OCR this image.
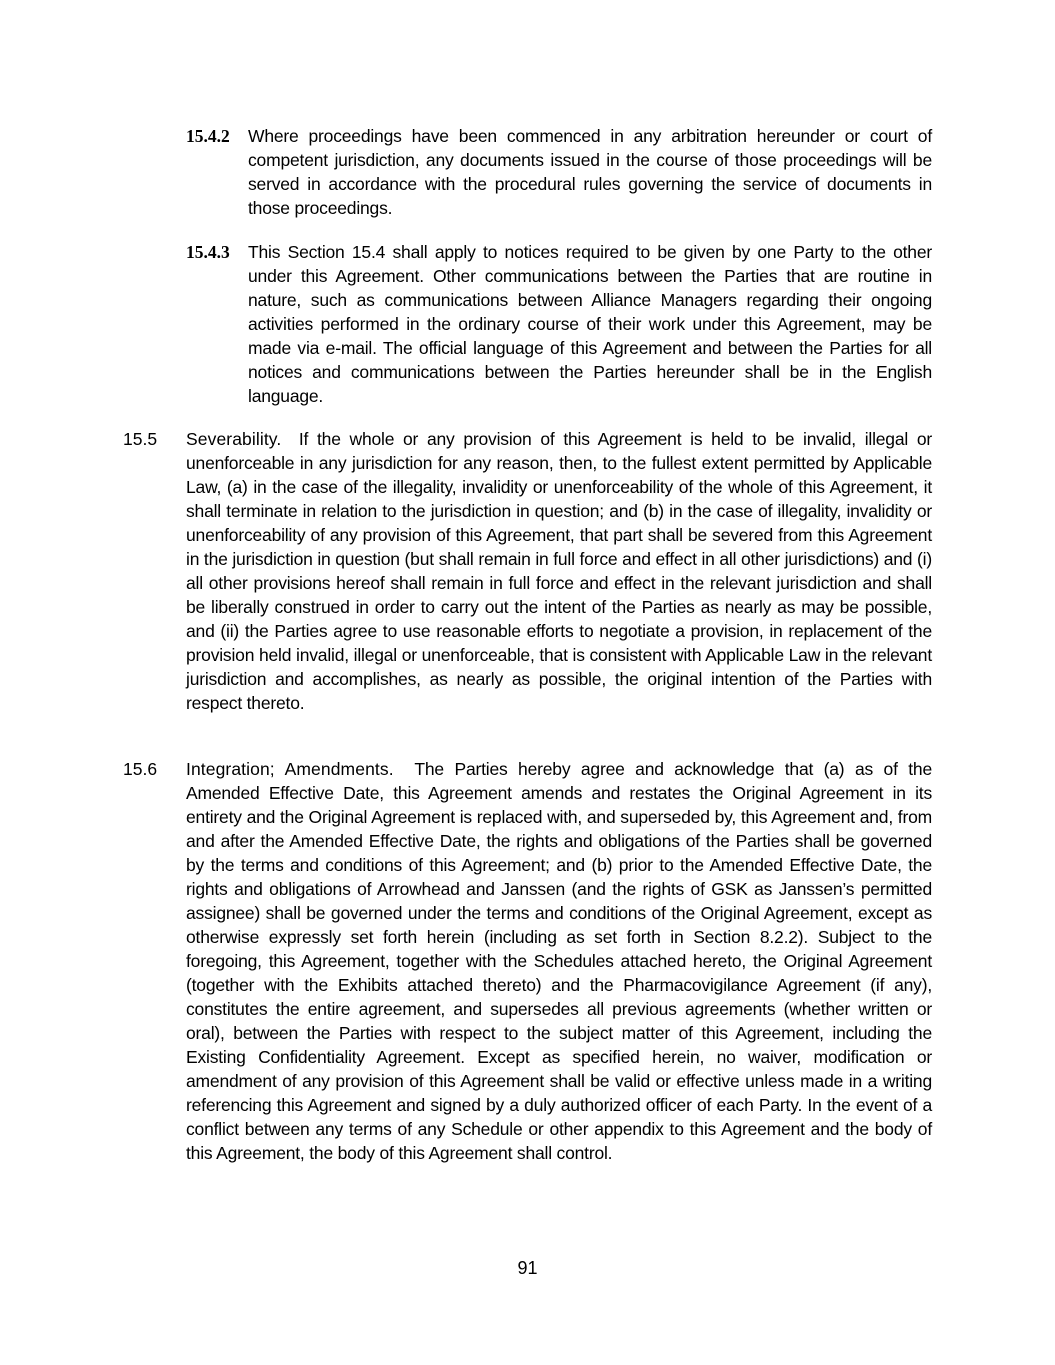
15.4.2	Where proceedings have been commenced in any arbitration hereunder or court of competent jurisdiction, any documents issued in the course of those proceedings will be served in accordance with the procedural rules governing the service of documents in those proceedings.
15.4.3	This Section 15.4 shall apply to notices required to be given by one Party to the other under this Agreement. Other communications between the Parties that are routine in nature, such as communications between Alliance Managers regarding their ongoing activities performed in the ordinary course of their work under this Agreement, may be made via e-mail. The official language of this Agreement and between the Parties for all notices and communications between the Parties hereunder shall be in the English language.
15.5	Severability. If the whole or any provision of this Agreement is held to be invalid, illegal or unenforceable in any jurisdiction for any reason, then, to the fullest extent permitted by Applicable Law, (a) in the case of the illegality, invalidity or unenforceability of the whole of this Agreement, it shall terminate in relation to the jurisdiction in question; and (b) in the case of illegality, invalidity or unenforceability of any provision of this Agreement, that part shall be severed from this Agreement in the jurisdiction in question (but shall remain in full force and effect in all other jurisdictions) and (i) all other provisions hereof shall remain in full force and effect in the relevant jurisdiction and shall be liberally construed in order to carry out the intent of the Parties as nearly as may be possible, and (ii) the Parties agree to use reasonable efforts to negotiate a provision, in replacement of the provision held invalid, illegal or unenforceable, that is consistent with Applicable Law in the relevant jurisdiction and accomplishes, as nearly as possible, the original intention of the Parties with respect thereto.
15.6	Integration; Amendments. The Parties hereby agree and acknowledge that (a) as of the Amended Effective Date, this Agreement amends and restates the Original Agreement in its entirety and the Original Agreement is replaced with, and superseded by, this Agreement and, from and after the Amended Effective Date, the rights and obligations of the Parties shall be governed by the terms and conditions of this Agreement; and (b) prior to the Amended Effective Date, the rights and obligations of Arrowhead and Janssen (and the rights of GSK as Janssen’s permitted assignee) shall be governed under the terms and conditions of the Original Agreement, except as otherwise expressly set forth herein (including as set forth in Section 8.2.2). Subject to the foregoing, this Agreement, together with the Schedules attached hereto, the Original Agreement (together with the Exhibits attached thereto) and the Pharmacovigilance Agreement (if any), constitutes the entire agreement, and supersedes all previous agreements (whether written or oral), between the Parties with respect to the subject matter of this Agreement, including the Existing Confidentiality Agreement. Except as specified herein, no waiver, modification or amendment of any provision of this Agreement shall be valid or effective unless made in a writing referencing this Agreement and signed by a duly authorized officer of each Party. In the event of a conflict between any terms of any Schedule or other appendix to this Agreement and the body of this Agreement, the body of this Agreement shall control.
91
